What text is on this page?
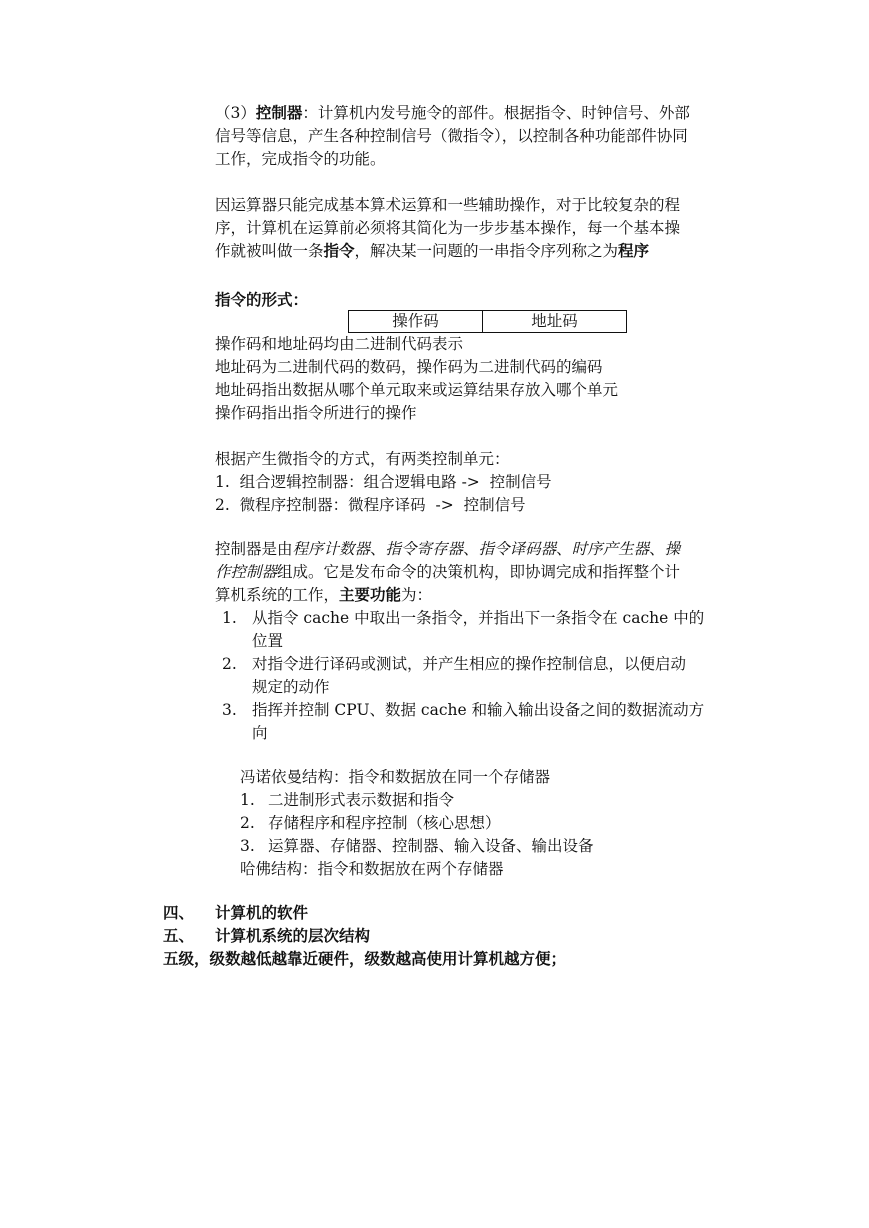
（3）控制器：计算机内发号施令的部件。根据指令、时钟信号、外部
信号等信息，产生各种控制信号（微指令），以控制各种功能部件协同
工作，完成指令的功能。
因运算器只能完成基本算术运算和一些辅助操作，对于比较复杂的程
序，计算机在运算前必须将其简化为一步步基本操作，每一个基本操
作就被叫做一条指令，解决某一问题的一串指令序列称之为程序
指令的形式：
操作码	地址码
操作码和地址码均由二进制代码表示
地址码为二进制代码的数码，操作码为二进制代码的编码
地址码指出数据从哪个单元取来或运算结果存放入哪个单元
操作码指出指令所进行的操作
根据产生微指令的方式，有两类控制单元：
1.  组合逻辑控制器：组合逻辑电路 ->  控制信号
2.  微程序控制器：微程序译码  ->  控制信号
控制器是由程序计数器、指令寄存器、指令译码器、时序产生器、操
作控制器组成。它是发布命令的决策机构，即协调完成和指挥整个计
算机系统的工作，主要功能为：
1. 从指令 cache 中取出一条指令，并指出下一条指令在 cache 中的
位置
2. 对指令进行译码或测试，并产生相应的操作控制信息，以便启动
规定的动作
3. 指挥并控制 CPU、数据 cache 和输入输出设备之间的数据流动方
向
冯诺依曼结构：指令和数据放在同一个存储器
1. 二进制形式表示数据和指令
2. 存储程序和程序控制（核心思想）
3. 运算器、存储器、控制器、输入设备、输出设备
哈佛结构：指令和数据放在两个存储器
四、 计算机的软件
五、 计算机系统的层次结构
五级，级数越低越靠近硬件，级数越高使用计算机越方便；
